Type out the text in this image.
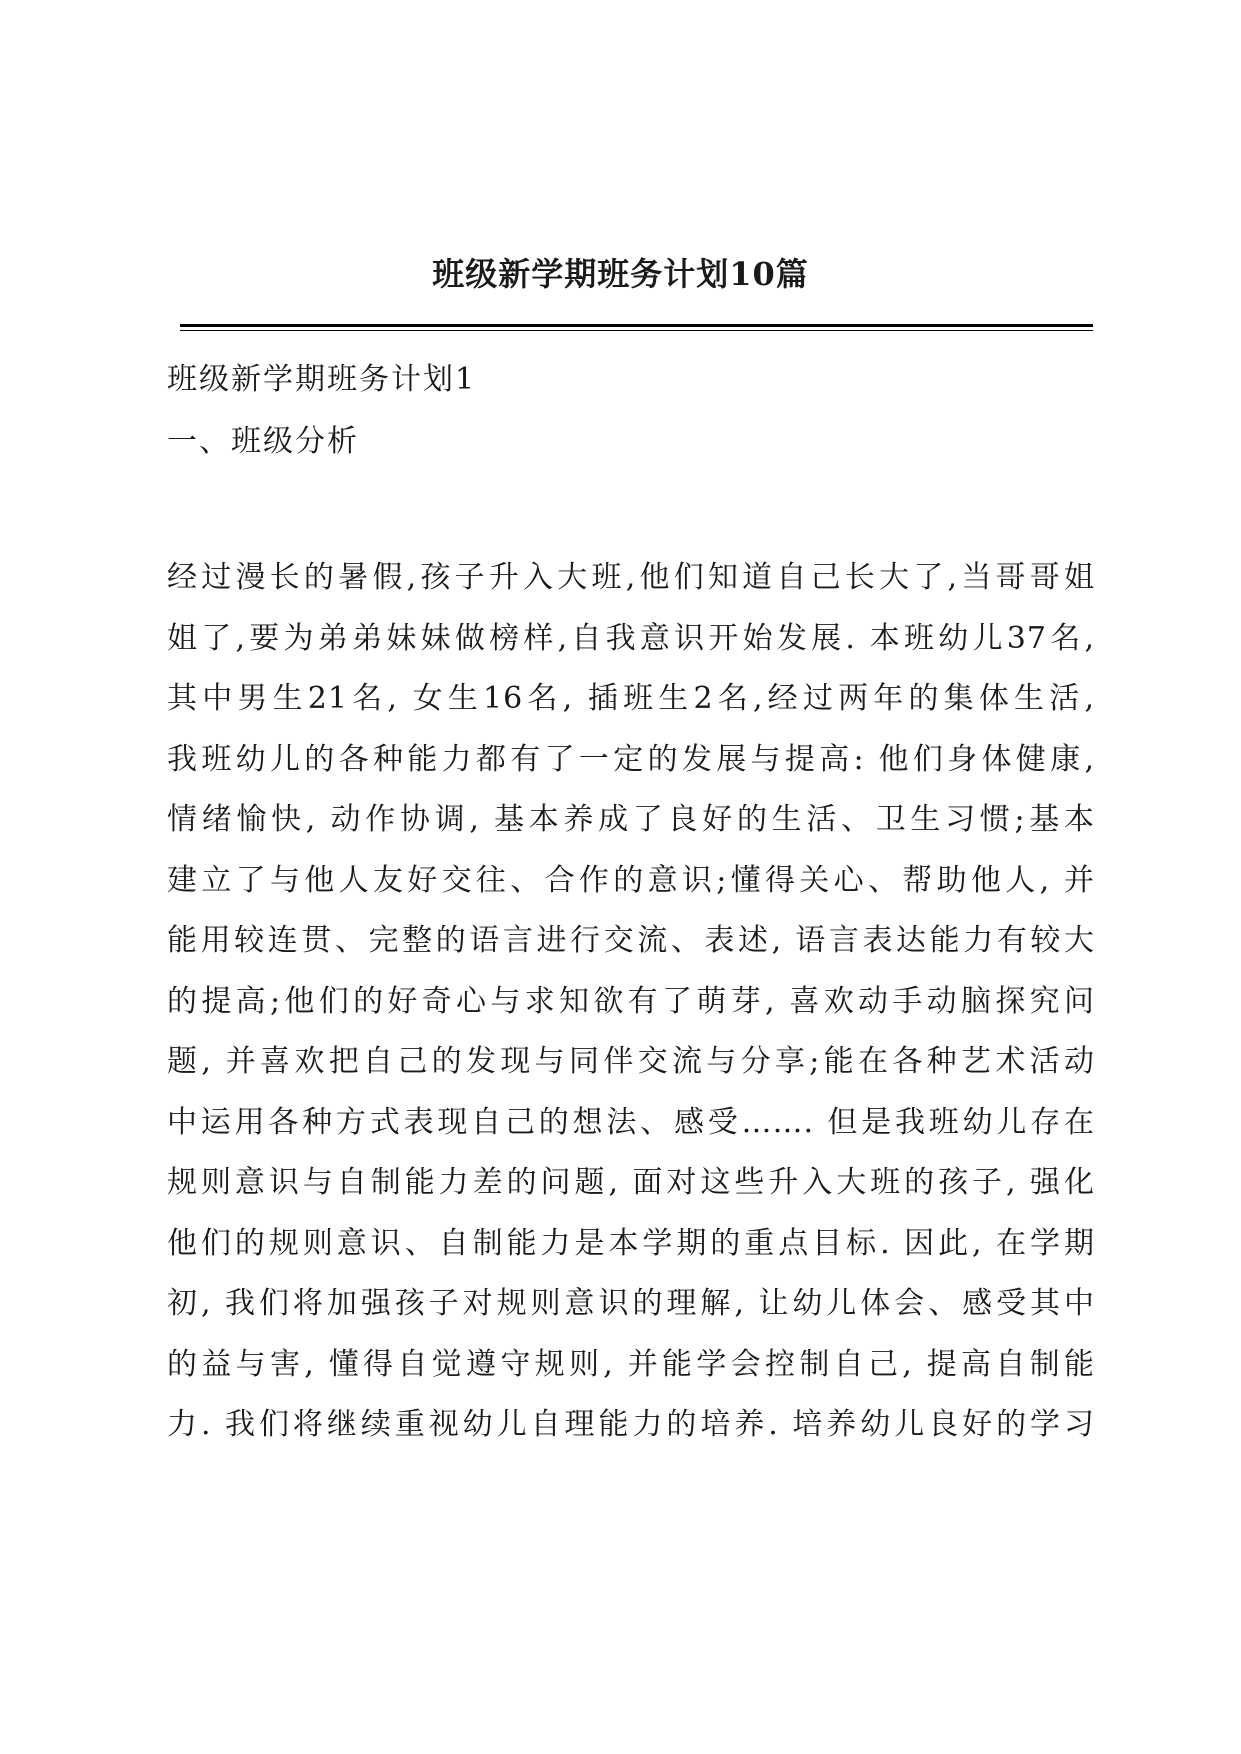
班级新学期班务计划10篇
班级新学期班务计划1
一、班级分析
经过漫长的暑假,孩子升入大班,他们知道自己长大了,当哥哥姐
姐了,要为弟弟妹妹做榜样,自我意识开始发展. 本班幼儿37名,
其中男生21名, 女生16名, 插班生2名,经过两年的集体生活,
我班幼儿的各种能力都有了一定的发展与提高: 他们身体健康,
情绪愉快, 动作协调, 基本养成了良好的生活、卫生习惯;基本
建立了与他人友好交往、合作的意识;懂得关心、帮助他人, 并
能用较连贯、完整的语言进行交流、表述, 语言表达能力有较大
的提高;他们的好奇心与求知欲有了萌芽, 喜欢动手动脑探究问
题, 并喜欢把自己的发现与同伴交流与分享;能在各种艺术活动
中运用各种方式表现自己的想法、感受……. 但是我班幼儿存在
规则意识与自制能力差的问题, 面对这些升入大班的孩子, 强化
他们的规则意识、自制能力是本学期的重点目标. 因此, 在学期
初, 我们将加强孩子对规则意识的理解, 让幼儿体会、感受其中
的益与害, 懂得自觉遵守规则, 并能学会控制自己, 提高自制能
力. 我们将继续重视幼儿自理能力的培养. 培养幼儿良好的学习
